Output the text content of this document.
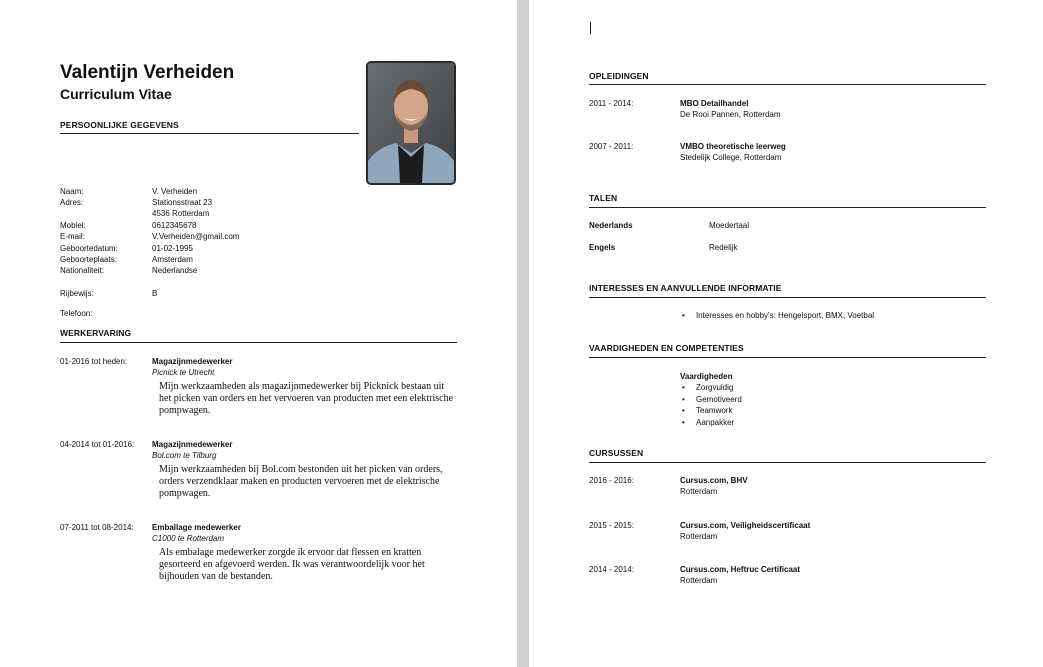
Valentijn Verheiden
Curriculum Vitae
PERSOONLIJKE GEGEVENS
Naam:	V. Verheiden
Adres:	Stationsstraat 23
4536 Rotterdam
Mobiel:	0612345678
E-mail:	V.Verheiden@gmail.com
Geboortedatum:	01-02-1995
Geboorteplaats:	Amsterdam
Nationaliteit:	Nederlandse
Rijbewijs:	B
Telefoon:
WERKERVARING
01-2016 tot heden:	Magazijnmedewerker
Picnick te Utrecht
Mijn werkzaamheden als magazijnmedewerker bij Picknick bestaan uit het picken van orders en het vervoeren van producten met een elektrische pompwagen.
04-2014 tot 01-2016: Magazijnmedewerker
Bol.com te Tilburg
Mijn werkzaamheden bij Bol.com bestonden uit het picken van orders, orders verzendklaar maken en producten vervoeren met de elektrische pompwagen.
07-2011 tot 08-2014: Emballage medewerker
C1000 te Rotterdam
Als embalage medewerker zorgde ik ervoor dat flessen en kratten gesorteerd en afgevoerd werden. Ik was verantwoordelijk voor het bijhouden van de bestanden.
OPLEIDINGEN
2011 - 2014:	MBO Detailhandel
De Rooi Pannen, Rotterdam
2007 - 2011:	VMBO theoretische leerweg
Stedelijk College, Rotterdam
TALEN
Nederlands	Moedertaal
Engels	Redelijk
INTERESSES EN AANVULLENDE INFORMATIE
• Interesses en hobby's: Hengelsport, BMX, Voetbal
VAARDIGHEDEN EN COMPETENTIES
Vaardigheden
• Zorgvuldig
• Gemotiveerd
• Teamwork
• Aanpakker
CURSUSSEN
2016 - 2016:	Cursus.com, BHV
Rotterdam
2015 - 2015:	Cursus.com, Veiligheidscertificaat
Rotterdam
2014 - 2014:	Cursus.com, Heftruc Certificaat
Rotterdam
